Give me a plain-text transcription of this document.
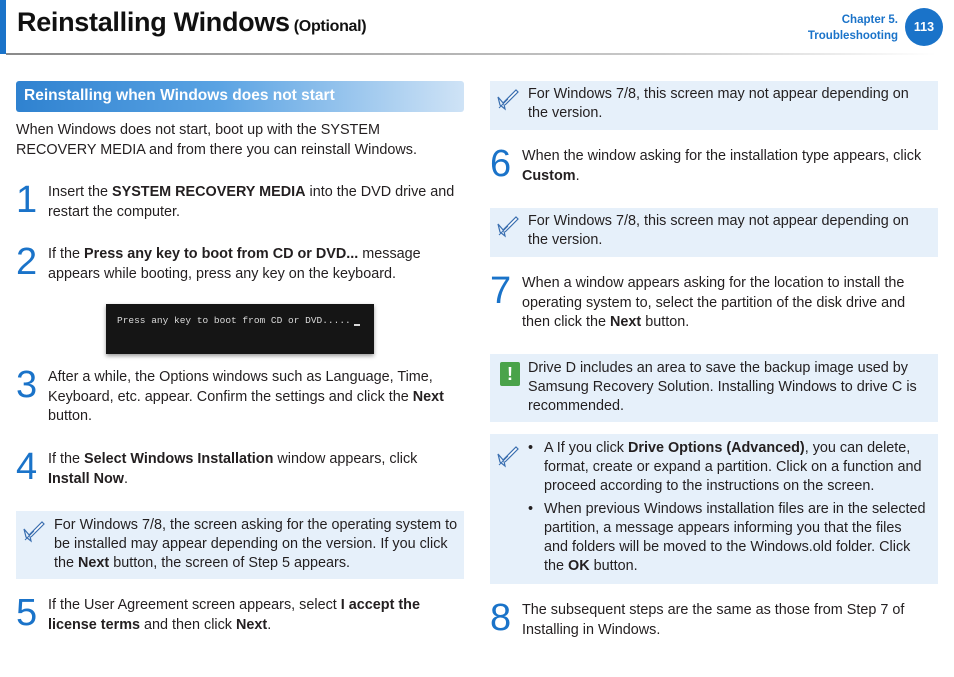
Reinstalling Windows (Optional)	Chapter 5.
Troubleshooting
113
Reinstalling when Windows does not start
When Windows does not start, boot up with the SYSTEM RECOVERY MEDIA and from there you can reinstall Windows.
1 Insert the SYSTEM RECOVERY MEDIA into the DVD drive and restart the computer.
2 If the Press any key to boot from CD or DVD... message appears while booting, press any key on the keyboard.
Press any key to boot from CD or DVD.....
3 After a while, the Options windows such as Language, Time, Keyboard, etc. appear. Confirm the settings and click the Next button.
4 If the Select Windows Installation window appears, click Install Now.
For Windows 7/8, the screen asking for the operating system to be installed may appear depending on the version. If you click the Next button, the screen of Step 5 appears.
5 If the User Agreement screen appears, select I accept the license terms and then click Next.
For Windows 7/8, this screen may not appear depending on the version.
6 When the window asking for the installation type appears, click Custom.
For Windows 7/8, this screen may not appear depending on the version.
7 When a window appears asking for the location to install the operating system to, select the partition of the disk drive and then click the Next button.
!	Drive D includes an area to save the backup image used by Samsung Recovery Solution. Installing Windows to drive C is recommended.
• A If you click Drive Options (Advanced), you can delete, format, create or expand a partition. Click on a function and proceed according to the instructions on the screen.
• When previous Windows installation files are in the selected partition, a message appears informing you that the files and folders will be moved to the Windows.old folder. Click the OK button.
8 The subsequent steps are the same as those from Step 7 of Installing in Windows.
